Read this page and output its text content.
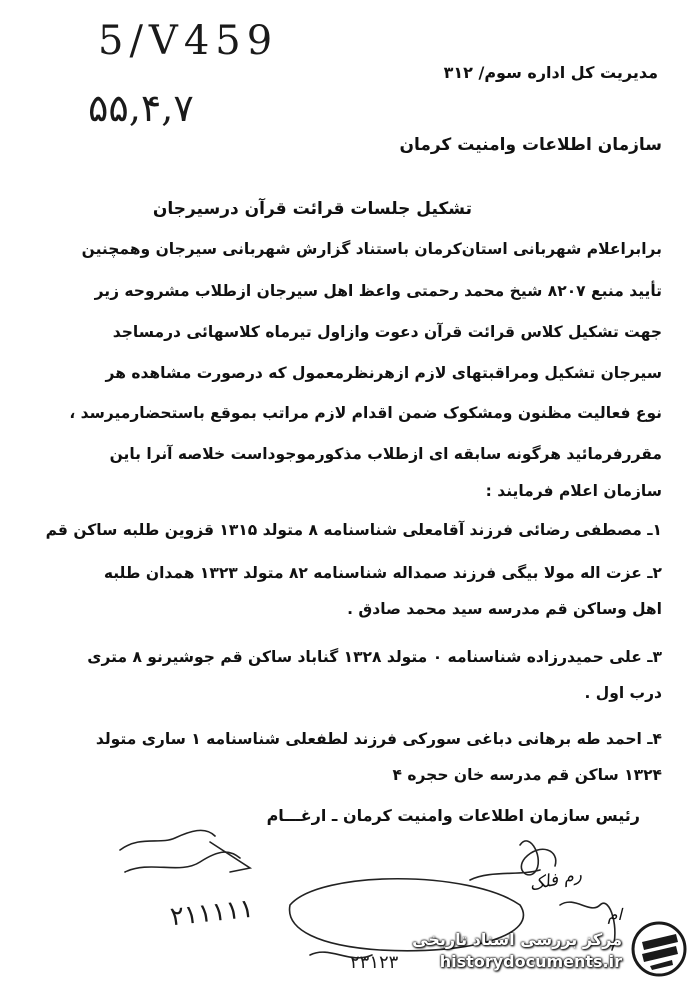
5/V459
۵۵,۴,۷
مدیریت کل اداره سوم/ ۳۱۲
سازمان اطلاعات وامنیت کرمان
تشکیل جلسات قرائت قرآن درسیرجان
برابراعلام شهربانی استان‌کرمان باستناد گزارش شهربانی سیرجان وهمچنین
تأیید منبع ۸۲۰۷ شیخ محمد رحمتی واعظ اهل سیرجان ازطلاب مشروحه زیر
جهت تشکیل کلاس قرائت قرآن دعوت وازاول تیرماه کلاسهائی درمساجد
سیرجان تشکیل ومراقبتهای لازم ازهرنظرمعمول که درصورت مشاهده هر
نوع فعالیت مظنون ومشکوک ضمن اقدام لازم مراتب بموقع باستحضارمیرسد ،
مقررفرمائید هرگونه سابقه ای ازطلاب مذکورموجوداست خلاصه آنرا باین
سازمان اعلام فرمایند :
۱ـ مصطفی رضائی فرزند آقامعلی شناسنامه ۸ متولد ۱۳۱۵ قزوین طلبه ساکن قم
۲ـ عزت اله مولا بیگی فرزند صمداله شناسنامه ۸۲ متولد ۱۳۲۳ همدان طلبه
اهل وساکن قم مدرسه سید محمد صادق .
۳ـ علی حمیدرزاده شناسنامه ۰ متولد ۱۳۲۸ گناباد ساکن قم جوشیرنو ۸ متری
درب اول .
۴ـ احمد طه برهانی دباغی سورکی فرزند لطفعلی شناسنامه ۱ ساری متولد
۱۳۲۴ ساکن قم مدرسه خان حجره ۴
رئیس سازمان اطلاعات وامنیت کرمان ـ ارغـــام
۲۱۱۱۱۱
۲۳۱۲۳
رم فلک
ام
مرکز بررسی اسناد تاریخی
historydocuments.ir
